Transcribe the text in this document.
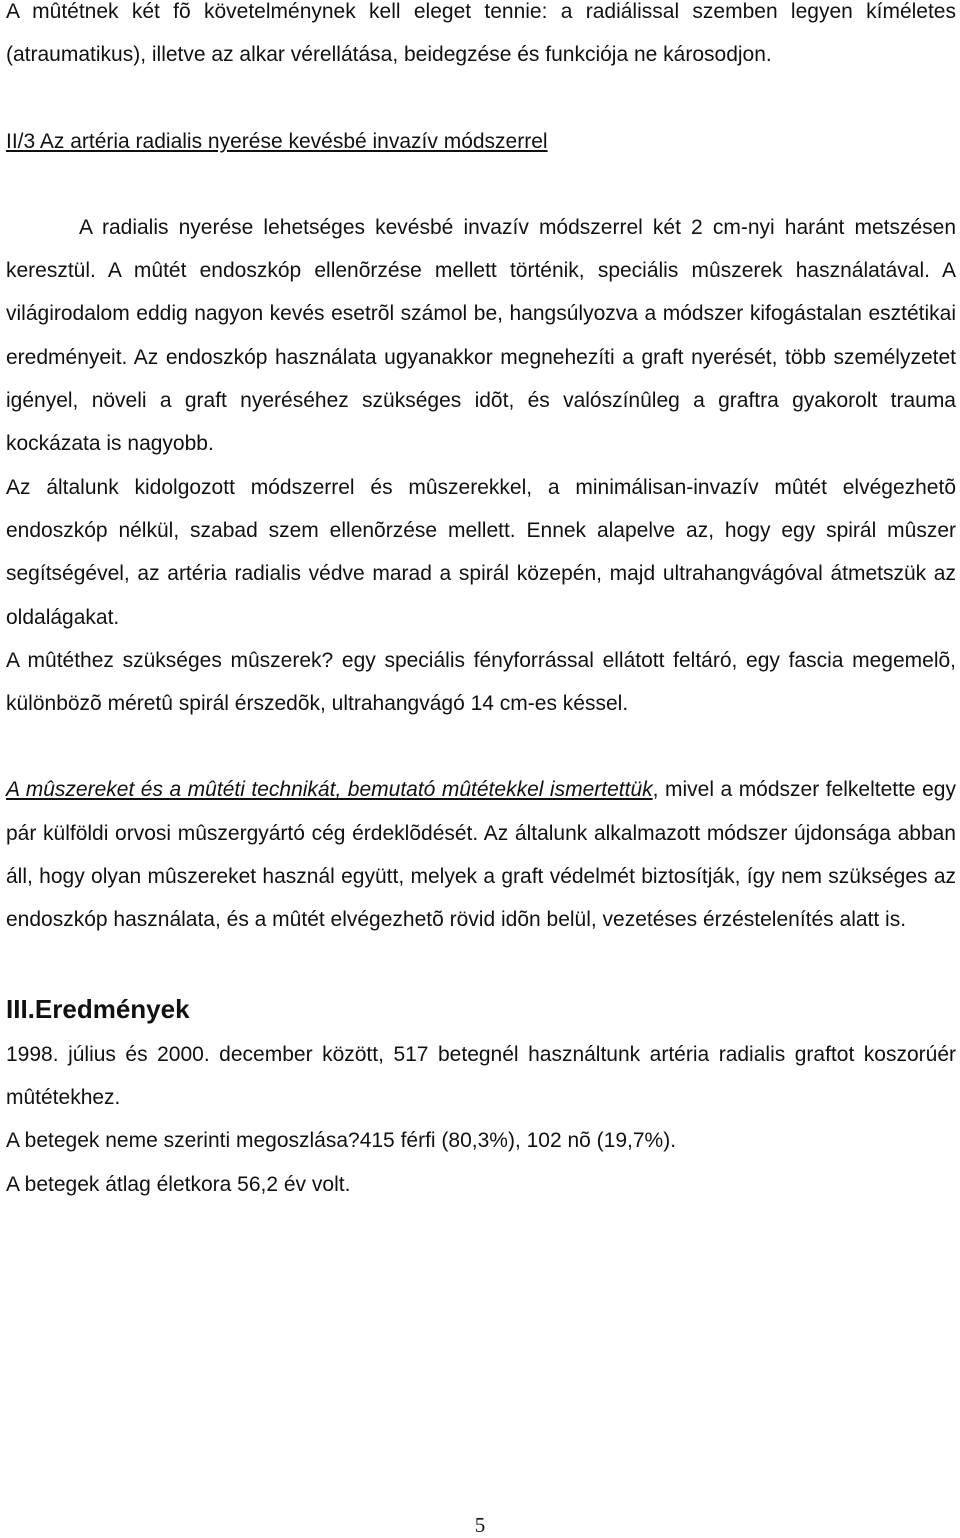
A mûtétnek két fõ követelménynek kell eleget tennie: a radiálissal szemben legyen kíméletes (atraumatikus), illetve az alkar vérellátása, beidegzése és funkciója ne károsodjon.

II/3 Az artéria radialis nyerése kevésbé invazív módszerrel

A radialis nyerése lehetséges kevésbé invazív módszerrel két 2 cm-nyi haránt metszésen keresztül. A mûtét endoszkóp ellenõrzése mellett történik, speciális mûszerek használatával. A világirodalom eddig nagyon kevés esetrõl számol be, hangsúlyozva a módszer kifogástalan esztétikai eredményeit. Az endoszkóp használata ugyanakkor megnehezíti a graft nyerését, több személyzetet igényel, növeli a graft nyeréséhez szükséges idõt, és valószínûleg a graftra gyakorolt trauma kockázata is nagyobb.

Az általunk kidolgozott módszerrel és mûszerekkel, a minimálisan-invazív mûtét elvégezhetõ endoszkóp nélkül, szabad szem ellenõrzése mellett. Ennek alapelve az, hogy egy spirál mûszer segítségével, az artéria radialis védve marad a spirál közepén, majd ultrahangvágóval átmetszük az oldalágakat.

A mûtéthez szükséges mûszerek? egy speciális fényforrással ellátott feltáró, egy fascia megemelõ, különbözõ méretû spirál érszedõk, ultrahangvágó 14 cm-es késsel.

A mûszereket és a mûtéti technikát, bemutató mûtétekkel ismertettük, mivel a módszer felkeltette egy pár külföldi orvosi mûszergyártó cég érdeklõdését. Az általunk alkalmazott módszer újdonsága abban áll, hogy olyan mûszereket használ együtt, melyek a graft védelmét biztosítják, így nem szükséges az endoszkóp használata, és a mûtét elvégezhetõ rövid idõn belül, vezetéses érzéstelenítés alatt is.

III.Eredmények

1998. július és 2000. december között, 517 betegnél használtunk artéria radialis graftot koszorúér mûtétekhez.

A betegek neme szerinti megoszlása?415 férfi (80,3%), 102 nõ (19,7%).

A betegek átlag életkora 56,2 év volt.

5
